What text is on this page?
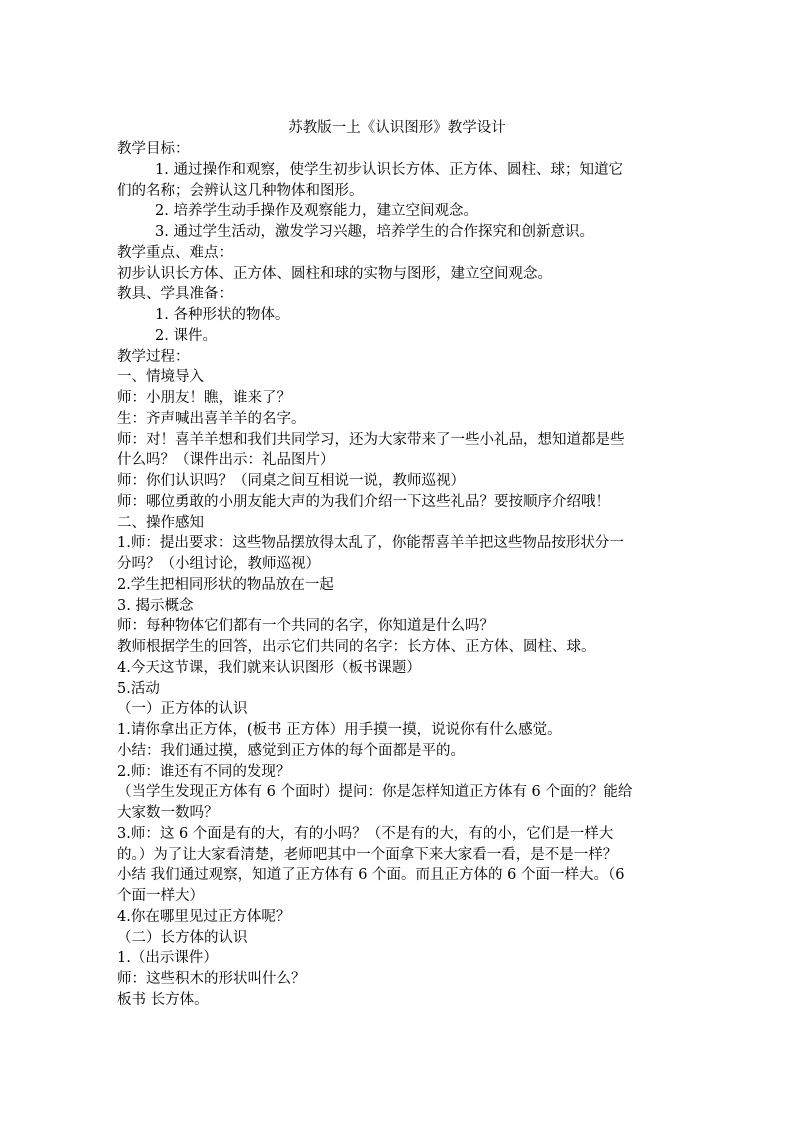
苏教版一上《认识图形》教学设计
教学目标：
1. 通过操作和观察，使学生初步认识长方体、正方体、圆柱、球；知道它
们的名称；会辨认这几种物体和图形。
2. 培养学生动手操作及观察能力，建立空间观念。
3. 通过学生活动，激发学习兴趣，培养学生的合作探究和创新意识。
教学重点、难点：
初步认识长方体、正方体、圆柱和球的实物与图形，建立空间观念。
教具、学具准备：
1. 各种形状的物体。
2. 课件。
教学过程：
一、情境导入
师：小朋友！瞧，谁来了？
生：齐声喊出喜羊羊的名字。
师：对！喜羊羊想和我们共同学习，还为大家带来了一些小礼品，想知道都是些
什么吗？（课件出示：礼品图片）
师：你们认识吗？（同桌之间互相说一说，教师巡视）
师：哪位勇敢的小朋友能大声的为我们介绍一下这些礼品？要按顺序介绍哦！
二、操作感知
1.师：提出要求：这些物品摆放得太乱了，你能帮喜羊羊把这些物品按形状分一
分吗？（小组讨论，教师巡视）
2.学生把相同形状的物品放在一起
3. 揭示概念
师：每种物体它们都有一个共同的名字，你知道是什么吗？
教师根据学生的回答，出示它们共同的名字：长方体、正方体、圆柱、球。
4.今天这节课，我们就来认识图形（板书课题）
5.活动
（一）正方体的认识
1.请你拿出正方体，(板书 正方体）用手摸一摸，说说你有什么感觉。
小结：我们通过摸，感觉到正方体的每个面都是平的。
2.师：谁还有不同的发现？
（当学生发现正方体有 6 个面时）提问：你是怎样知道正方体有 6 个面的？能给
大家数一数吗？
3.师：这 6 个面是有的大，有的小吗？（不是有的大，有的小，它们是一样大
的。）为了让大家看清楚，老师吧其中一个面拿下来大家看一看，是不是一样？
小结 我们通过观察，知道了正方体有 6 个面。而且正方体的 6 个面一样大。（6
个面一样大）
4.你在哪里见过正方体呢？
（二）长方体的认识
1.（出示课件）
师：这些积木的形状叫什么？
板书 长方体。
